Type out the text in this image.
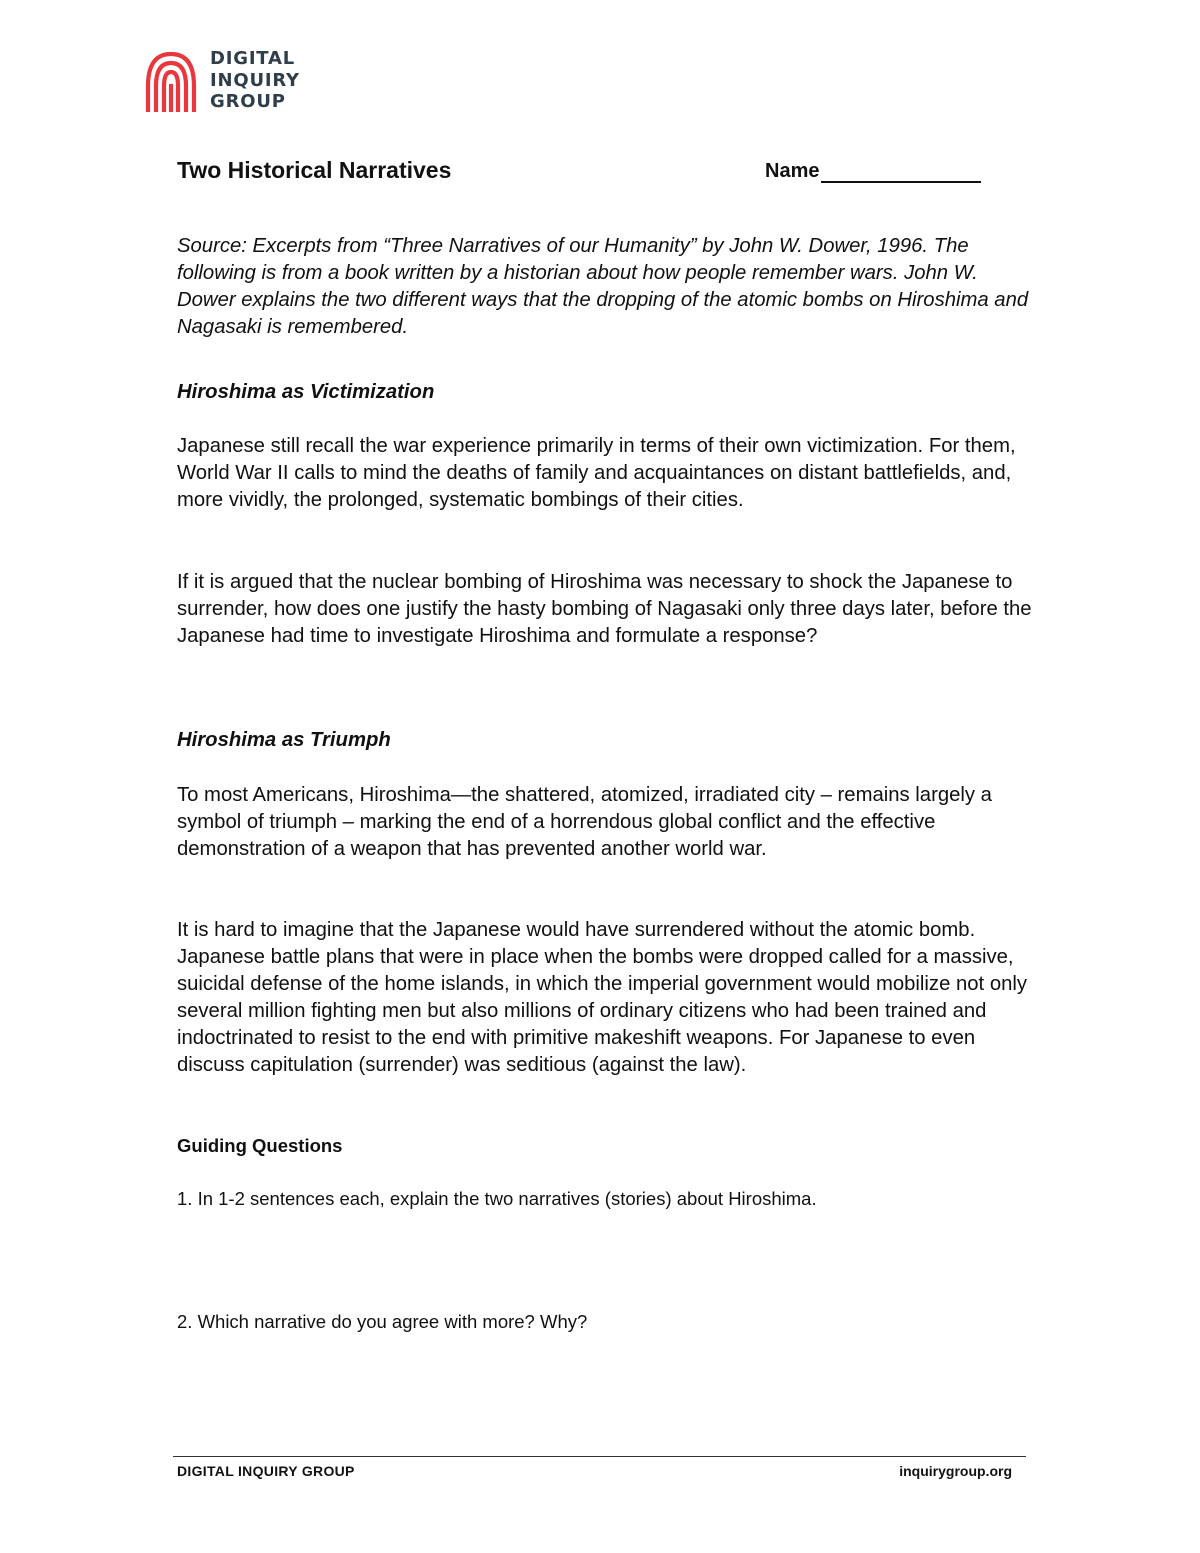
DIGITAL
INQUIRY
GROUP
Two Historical Narratives	Name

Source: Excerpts from “Three Narratives of our Humanity” by John W. Dower, 1996. The following is from a book written by a historian about how people remember wars. John W. Dower explains the two different ways that the dropping of the atomic bombs on Hiroshima and Nagasaki is remembered.

Hiroshima as Victimization

Japanese still recall the war experience primarily in terms of their own victimization. For them, World War II calls to mind the deaths of family and acquaintances on distant battlefields, and, more vividly, the prolonged, systematic bombings of their cities.

If it is argued that the nuclear bombing of Hiroshima was necessary to shock the Japanese to surrender, how does one justify the hasty bombing of Nagasaki only three days later, before the Japanese had time to investigate Hiroshima and formulate a response?

Hiroshima as Triumph

To most Americans, Hiroshima—the shattered, atomized, irradiated city – remains largely a symbol of triumph – marking the end of a horrendous global conflict and the effective demonstration of a weapon that has prevented another world war.

It is hard to imagine that the Japanese would have surrendered without the atomic bomb. Japanese battle plans that were in place when the bombs were dropped called for a massive, suicidal defense of the home islands, in which the imperial government would mobilize not only several million fighting men but also millions of ordinary citizens who had been trained and indoctrinated to resist to the end with primitive makeshift weapons. For Japanese to even discuss capitulation (surrender) was seditious (against the law).

Guiding Questions

1. In 1-2 sentences each, explain the two narratives (stories) about Hiroshima.

2. Which narrative do you agree with more? Why?

DIGITAL INQUIRY GROUP	inquirygroup.org
